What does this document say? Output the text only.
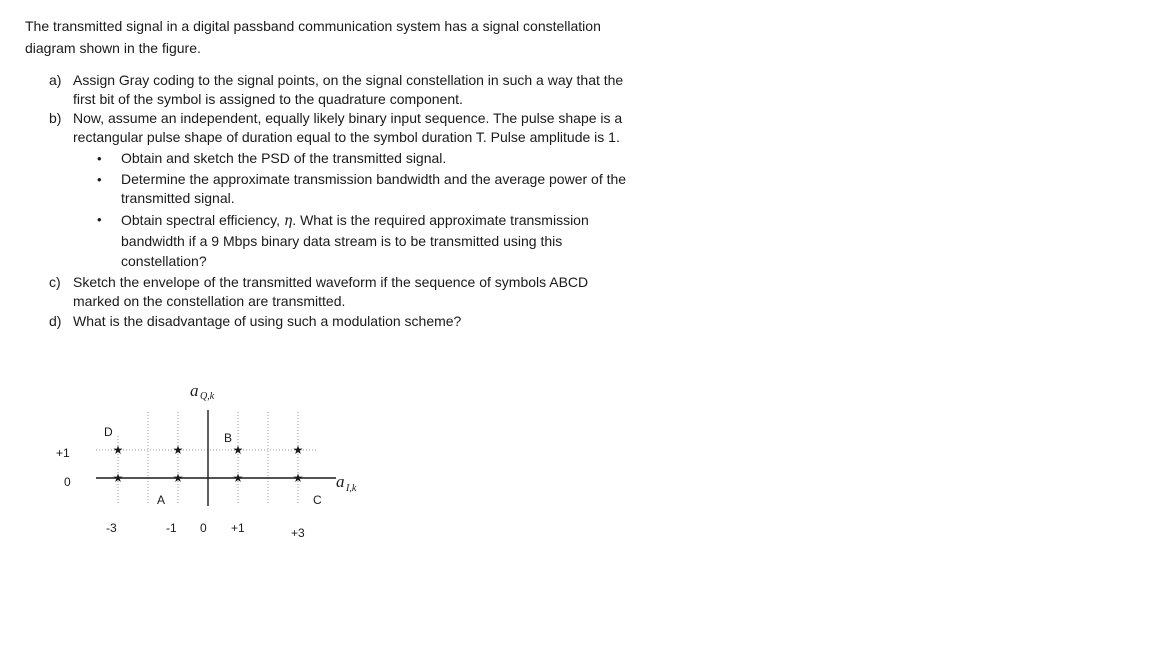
The transmitted signal in a digital passband communication system has a signal constellation diagram shown in the figure.

a) Assign Gray coding to the signal points, on the signal constellation in such a way that the first bit of the symbol is assigned to the quadrature component.
b) Now, assume an independent, equally likely binary input sequence. The pulse shape is a rectangular pulse shape of duration equal to the symbol duration T. Pulse amplitude is 1.
•	Obtain and sketch the PSD of the transmitted signal.
•	Determine the approximate transmission bandwidth and the average power of the transmitted signal.
•	Obtain spectral efficiency, η. What is the required approximate transmission bandwidth if a 9 Mbps binary data stream is to be transmitted using this constellation?
c) Sketch the envelope of the transmitted waveform if the sequence of symbols ABCD marked on the constellation are transmitted.
d) What is the disadvantage of using such a modulation scheme?
a Q,k
a I,k
+1
0
-3	-1 0 +1	+3
D	B
A	C
★	★	★	★
★	★	★	★
